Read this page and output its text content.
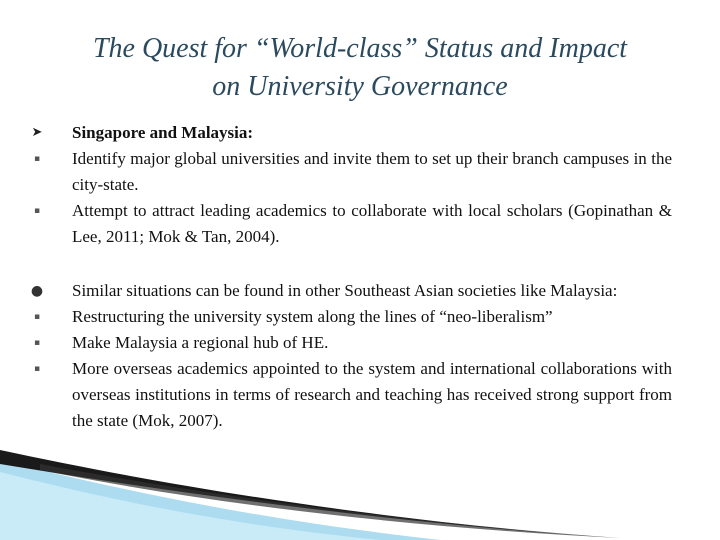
The Quest for “World-class” Status and Impact
on University Governance
➤ Singapore and Malaysia:
▪ Identify major global universities and invite them to set up their branch campuses in the city-state.
▪ Attempt to attract leading academics to collaborate with local scholars (Gopinathan & Lee, 2011; Mok & Tan, 2004).
● Similar situations can be found in other Southeast Asian societies like Malaysia:
▪ Restructuring the university system along the lines of “neo-liberalism”
▪ Make Malaysia a regional hub of HE.
▪ More overseas academics appointed to the system and international collaborations with overseas institutions in terms of research and teaching has received strong support from the state (Mok, 2007).
